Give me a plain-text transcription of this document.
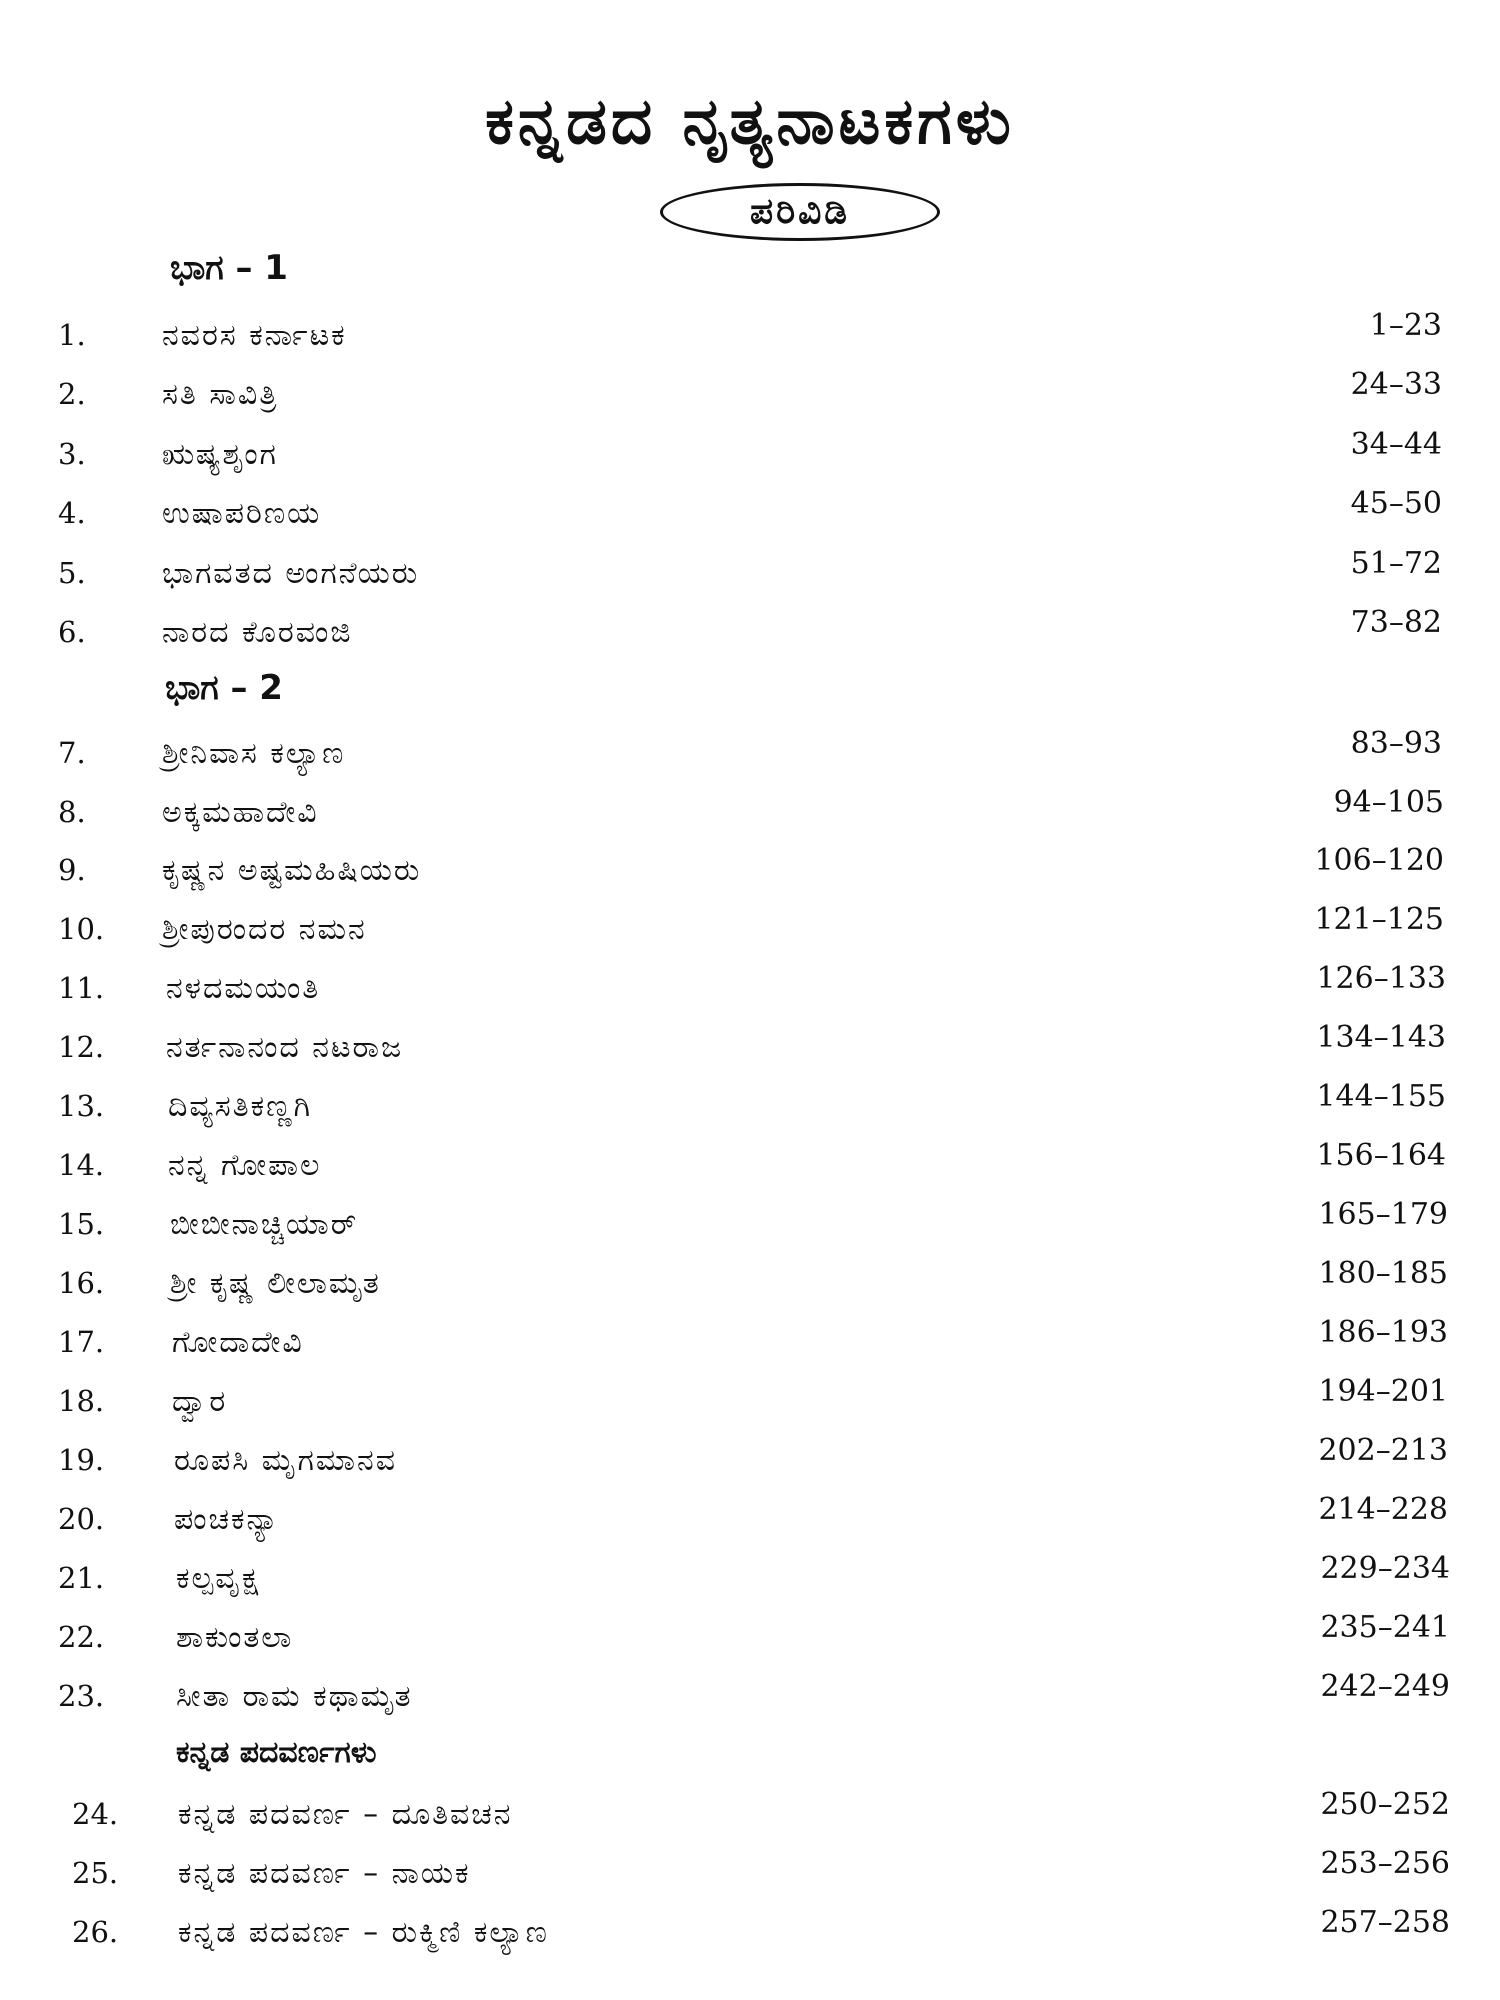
ಕನ್ನಡದ ನೃತ್ಯನಾಟಕಗಳು
ಪರಿವಿಡಿ
ಭಾಗ – 1
1.	ನವರಸ ಕರ್ನಾಟಕ	1–23
2.	ಸತಿ ಸಾವಿತ್ರಿ	24–33
3.	ಋಷ್ಯಶೃಂಗ	34–44
4.	ಉಷಾಪರಿಣಯ	45–50
5.	ಭಾಗವತದ ಅಂಗನೆಯರು	51–72
6.	ನಾರದ ಕೊರವಂಜಿ	73–82
ಭಾಗ – 2
7.	ಶ್ರೀನಿವಾಸ ಕಲ್ಯಾಣ	83–93
8.	ಅಕ್ಕಮಹಾದೇವಿ	94–105
9.	ಕೃಷ್ಣನ ಅಷ್ಟಮಹಿಷಿಯರು	106–120
10. ಶ್ರೀಪುರಂದರ ನಮನ	121–125
11. ನಳದಮಯಂತಿ	126–133
12. ನರ್ತನಾನಂದ ನಟರಾಜ	134–143
13. ದಿವ್ಯಸತಿಕಣ್ಣಗಿ	144–155
14. ನನ್ನ ಗೋಪಾಲ	156–164
15. ಬೀಬೀನಾಚ್ಚಿಯಾರ್	165–179
16. ಶ್ರೀ ಕೃಷ್ಣ ಲೀಲಾಮೃತ	180–185
17. ಗೋದಾದೇವಿ	186–193
18. ದ್ವಾರ	194–201
19. ರೂಪಸಿ ಮೃಗಮಾನವ	202–213
20. ಪಂಚಕನ್ಯಾ	214–228
21. ಕಲ್ಪವೃಕ್ಷ	229–234
22. ಶಾಕುಂತಲಾ	235–241
23. ಸೀತಾ ರಾಮ ಕಥಾಮೃತ	242–249
ಕನ್ನಡ ಪದವರ್ಣಗಳು
24. ಕನ್ನಡ ಪದವರ್ಣ – ದೂತಿವಚನ	250–252
25. ಕನ್ನಡ ಪದವರ್ಣ – ನಾಯಕ	253–256
26. ಕನ್ನಡ ಪದವರ್ಣ – ರುಕ್ಮಿಣಿ ಕಲ್ಯಾಣ	257–258
